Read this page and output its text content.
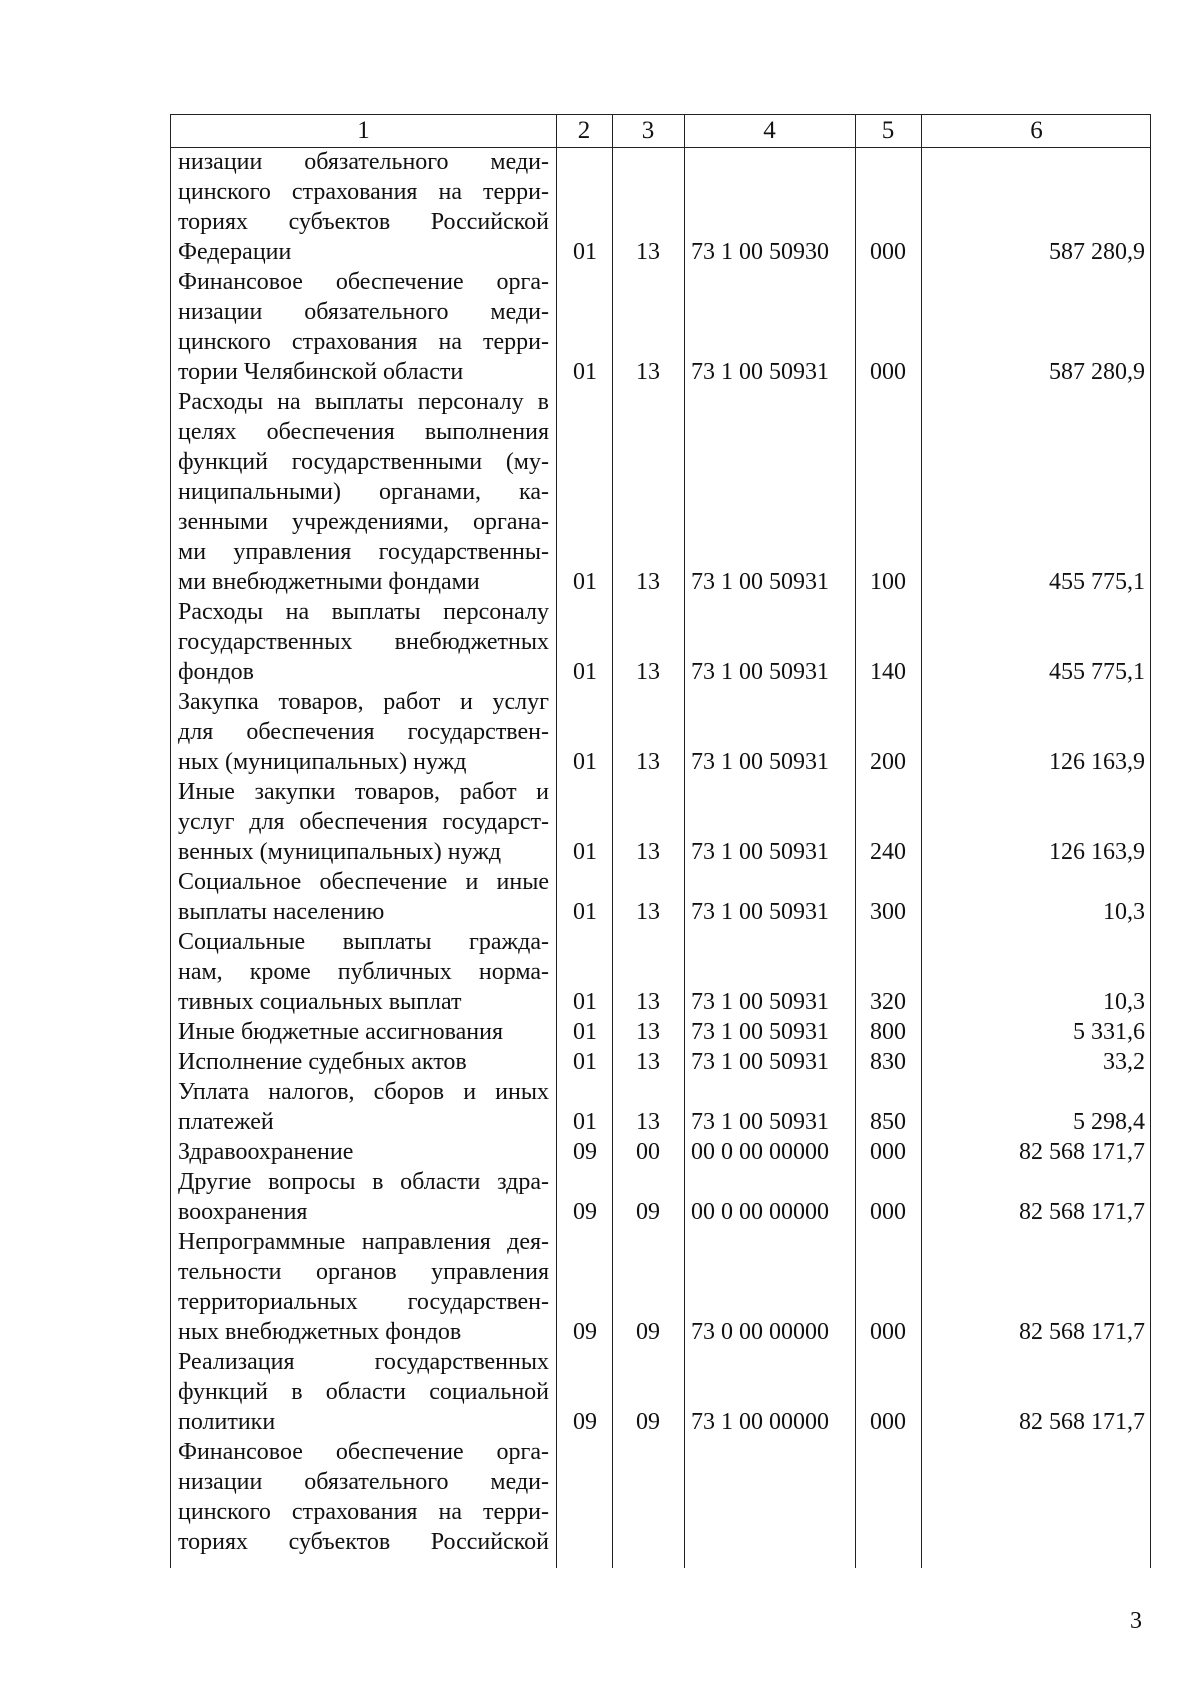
1	2	3	4	5	6
низации обязательного меди-
цинского страхования на терри-
ториях субъектов Российской
Федерации	01	13	73 1 00 50930	000	587 280,9
Финансовое обеспечение орга-
низации обязательного меди-
цинского страхования на терри-
тории Челябинской области	01	13	73 1 00 50931	000	587 280,9
Расходы на выплаты персоналу в
целях обеспечения выполнения
функций государственными (му-
ниципальными) органами, ка-
зенными учреждениями, органа-
ми управления государственны-
ми внебюджетными фондами	01	13	73 1 00 50931	100	455 775,1
Расходы на выплаты персоналу
государственных внебюджетных
фондов	01	13	73 1 00 50931	140	455 775,1
Закупка товаров, работ и услуг
для обеспечения государствен-
ных (муниципальных) нужд	01	13	73 1 00 50931	200	126 163,9
Иные закупки товаров, работ и
услуг для обеспечения государст-
венных (муниципальных) нужд	01	13	73 1 00 50931	240	126 163,9
Социальное обеспечение и иные
выплаты населению	01	13	73 1 00 50931	300	10,3
Социальные выплаты гражда-
нам, кроме публичных норма-
тивных социальных выплат	01	13	73 1 00 50931	320	10,3
Иные бюджетные ассигнования	01	13	73 1 00 50931	800	5 331,6
Исполнение судебных актов	01	13	73 1 00 50931	830	33,2
Уплата налогов, сборов и иных
платежей	01	13	73 1 00 50931	850	5 298,4
Здравоохранение	09	00	00 0 00 00000	000	82 568 171,7
Другие вопросы в области здра-
воохранения	09	09	00 0 00 00000	000	82 568 171,7
Непрограммные направления дея-
тельности органов управления
территориальных государствен-
ных внебюджетных фондов	09	09	73 0 00 00000	000	82 568 171,7
Реализация государственных
функций в области социальной
политики	09	09	73 1 00 00000	000	82 568 171,7
Финансовое обеспечение орга-
низации обязательного меди-
цинского страхования на терри-
ториях субъектов Российской
3
